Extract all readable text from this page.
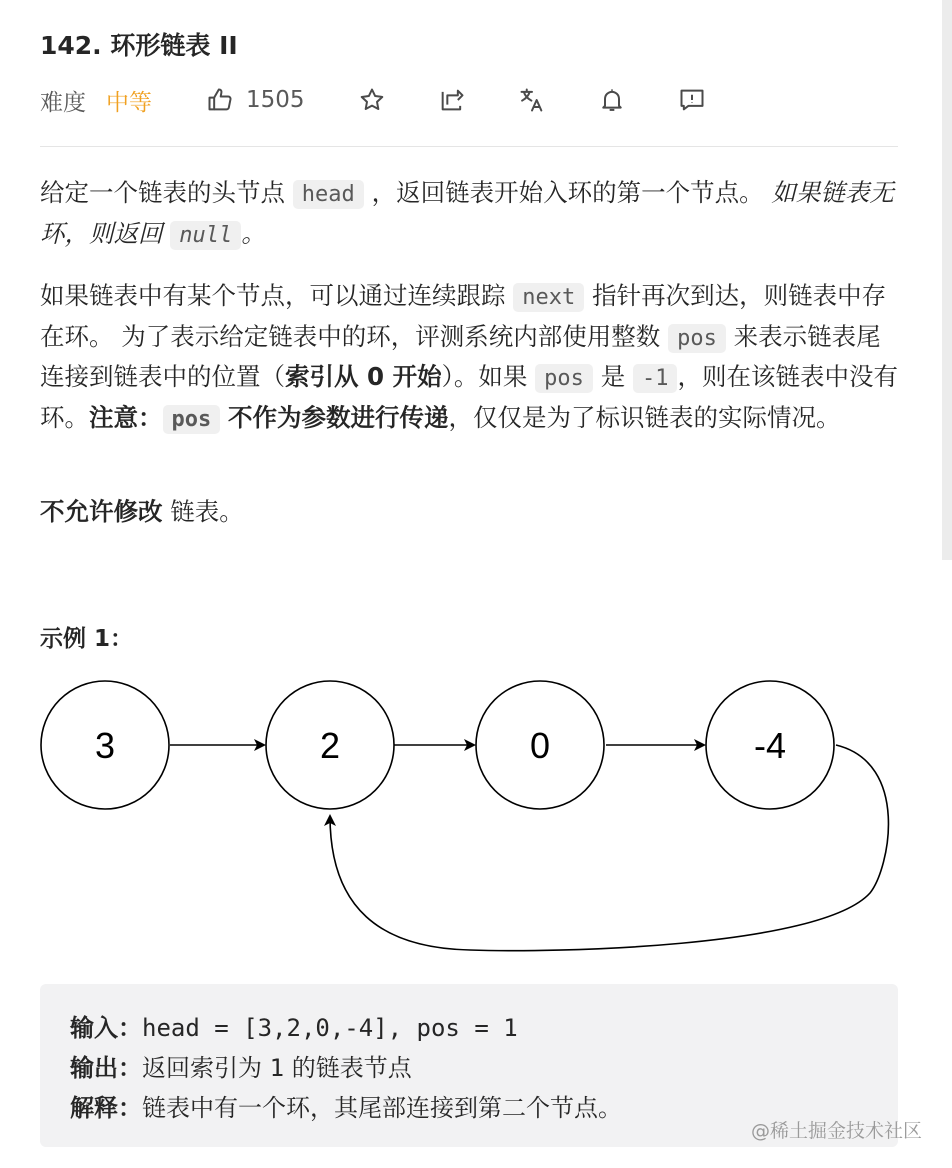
142. 环形链表 II
难度 中等	1505
给定一个链表的头节点 head ，返回链表开始入环的第一个节点。 如果链表无环，则返回 null 。
如果链表中有某个节点，可以通过连续跟踪 next 指针再次到达，则链表中存在环。 为了表示给定链表中的环，评测系统内部使用整数 pos 来表示链表尾连接到链表中的位置（索引从 0 开始）。如果 pos 是 -1 ，则在该链表中没有环。注意： pos 不作为参数进行传递，仅仅是为了标识链表的实际情况。
不允许修改 链表。
示例 1：
3	2	0	-4
输入：head = [3,2,0,-4], pos = 1
输出：返回索引为 1 的链表节点
解释：链表中有一个环，其尾部连接到第二个节点。
@稀土掘金技术社区
